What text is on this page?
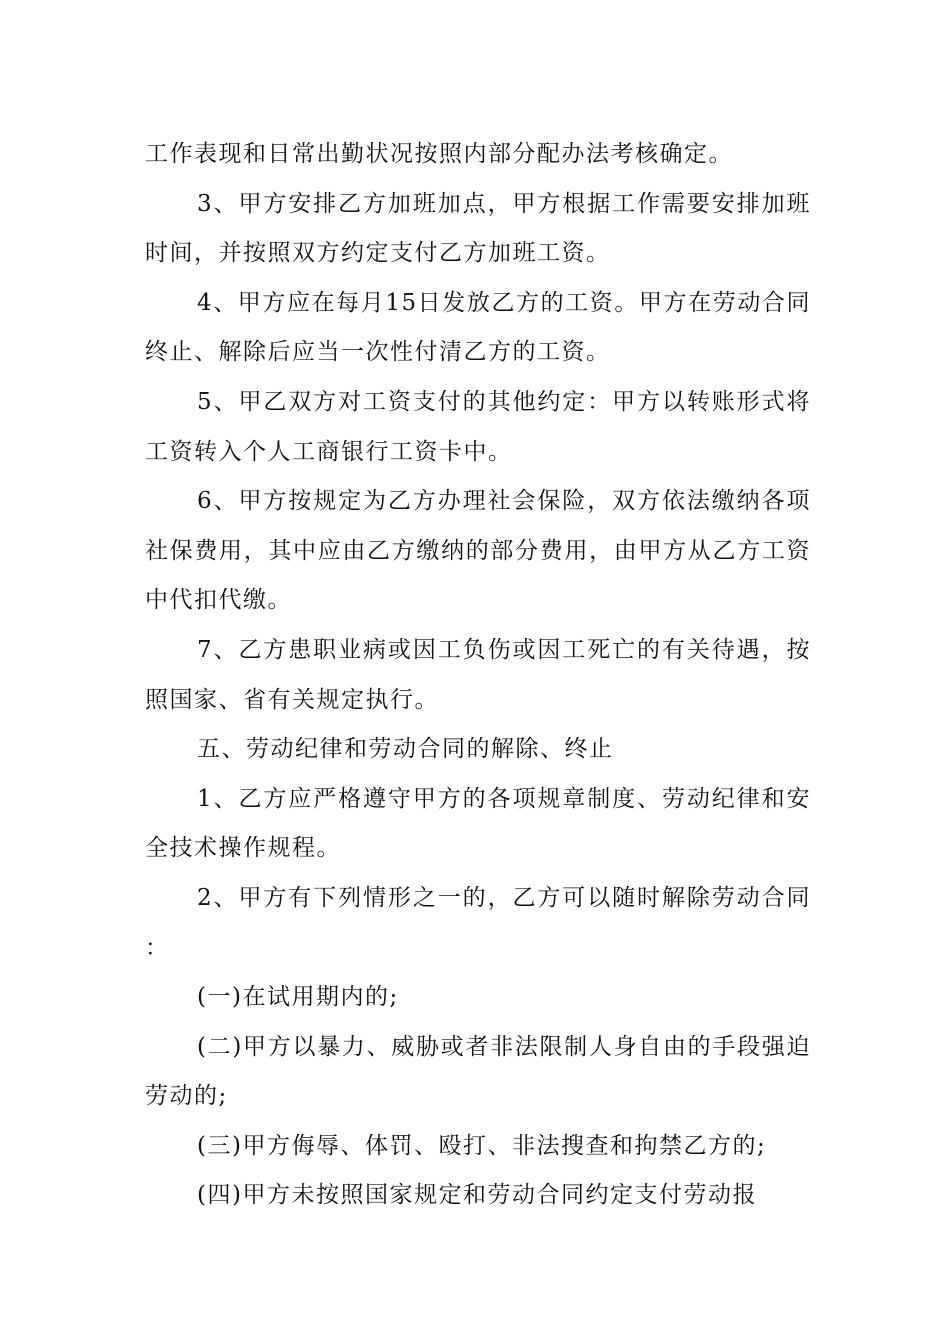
工作表现和日常出勤状况按照内部分配办法考核确定。

3、甲方安排乙方加班加点，甲方根据工作需要安排加班时间，并按照双方约定支付乙方加班工资。

4、甲方应在每月15日发放乙方的工资。甲方在劳动合同终止、解除后应当一次性付清乙方的工资。

5、甲乙双方对工资支付的其他约定：甲方以转账形式将工资转入个人工商银行工资卡中。

6、甲方按规定为乙方办理社会保险，双方依法缴纳各项社保费用，其中应由乙方缴纳的部分费用，由甲方从乙方工资中代扣代缴。

7、乙方患职业病或因工负伤或因工死亡的有关待遇，按照国家、省有关规定执行。

五、劳动纪律和劳动合同的解除、终止

1、乙方应严格遵守甲方的各项规章制度、劳动纪律和安全技术操作规程。

2、甲方有下列情形之一的，乙方可以随时解除劳动合同：

(一)在试用期内的;

(二)甲方以暴力、威胁或者非法限制人身自由的手段强迫劳动的;

(三)甲方侮辱、体罚、殴打、非法搜查和拘禁乙方的;

(四)甲方未按照国家规定和劳动合同约定支付劳动报
